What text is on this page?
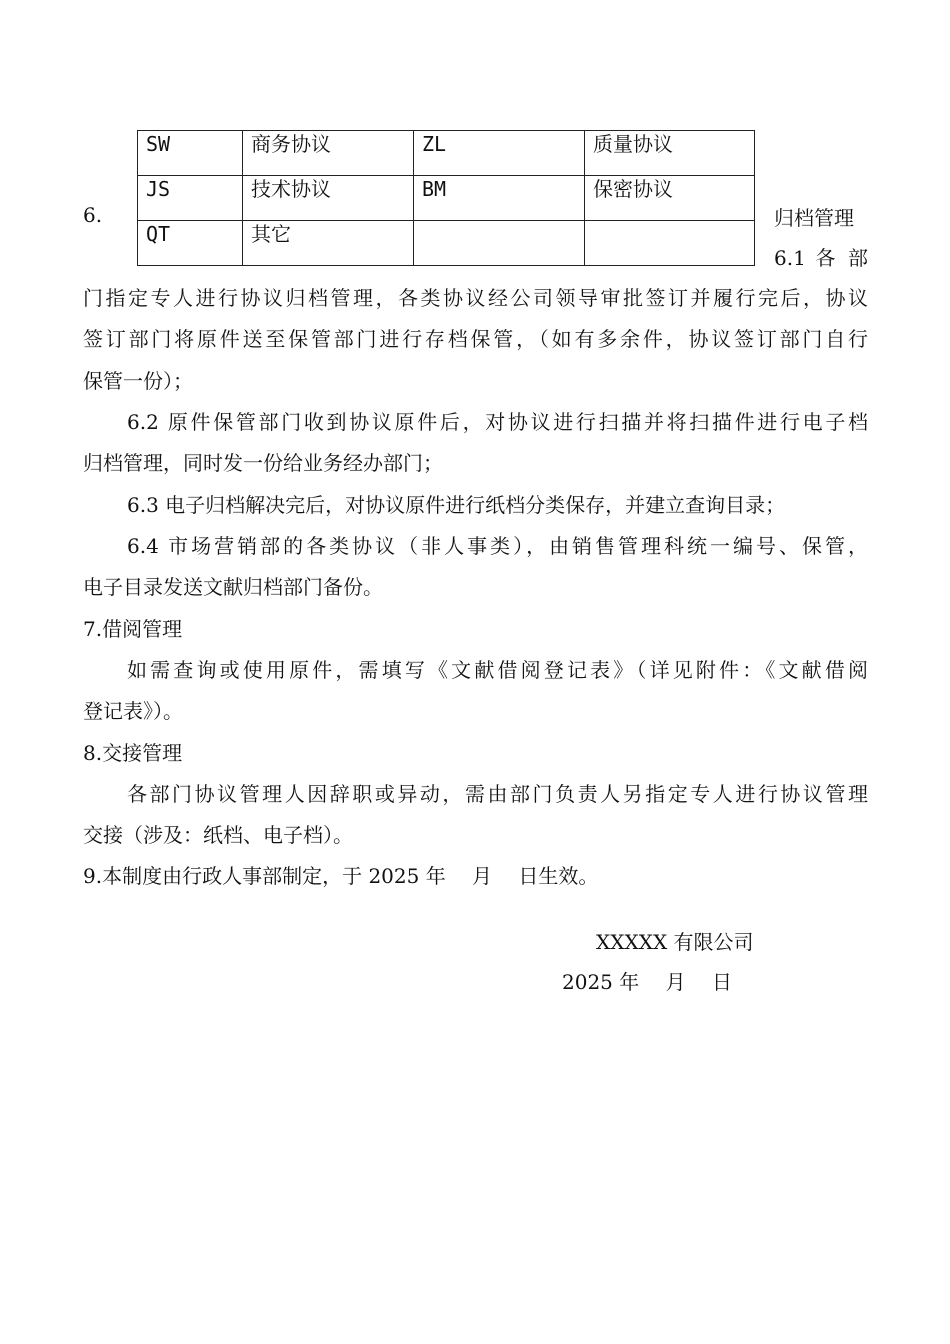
6.
SW	商务协议	ZL	质量协议
JS	技术协议	BM	保密协议
QT	其它		
归档管理
6.1 各 部
门指定专人进行协议归档管理，各类协议经公司领导审批签订并履行完后，协议
签订部门将原件送至保管部门进行存档保管，（如有多余件，协议签订部门自行
保管一份）；
6.2 原件保管部门收到协议原件后，对协议进行扫描并将扫描件进行电子档
归档管理，同时发一份给业务经办部门；
6.3 电子归档解决完后，对协议原件进行纸档分类保存，并建立查询目录；
6.4 市场营销部的各类协议（非人事类），由销售管理科统一编号、保管，
电子目录发送文献归档部门备份。
7.借阅管理
如需查询或使用原件，需填写《文献借阅登记表》（详见附件：《文献借阅
登记表》）。
8.交接管理
各部门协议管理人因辞职或异动，需由部门负责人另指定专人进行协议管理
交接（涉及：纸档、电子档）。
9.本制度由行政人事部制定，于 2025 年　 月　 日生效。
XXXXX 有限公司
2025 年　 月　 日
